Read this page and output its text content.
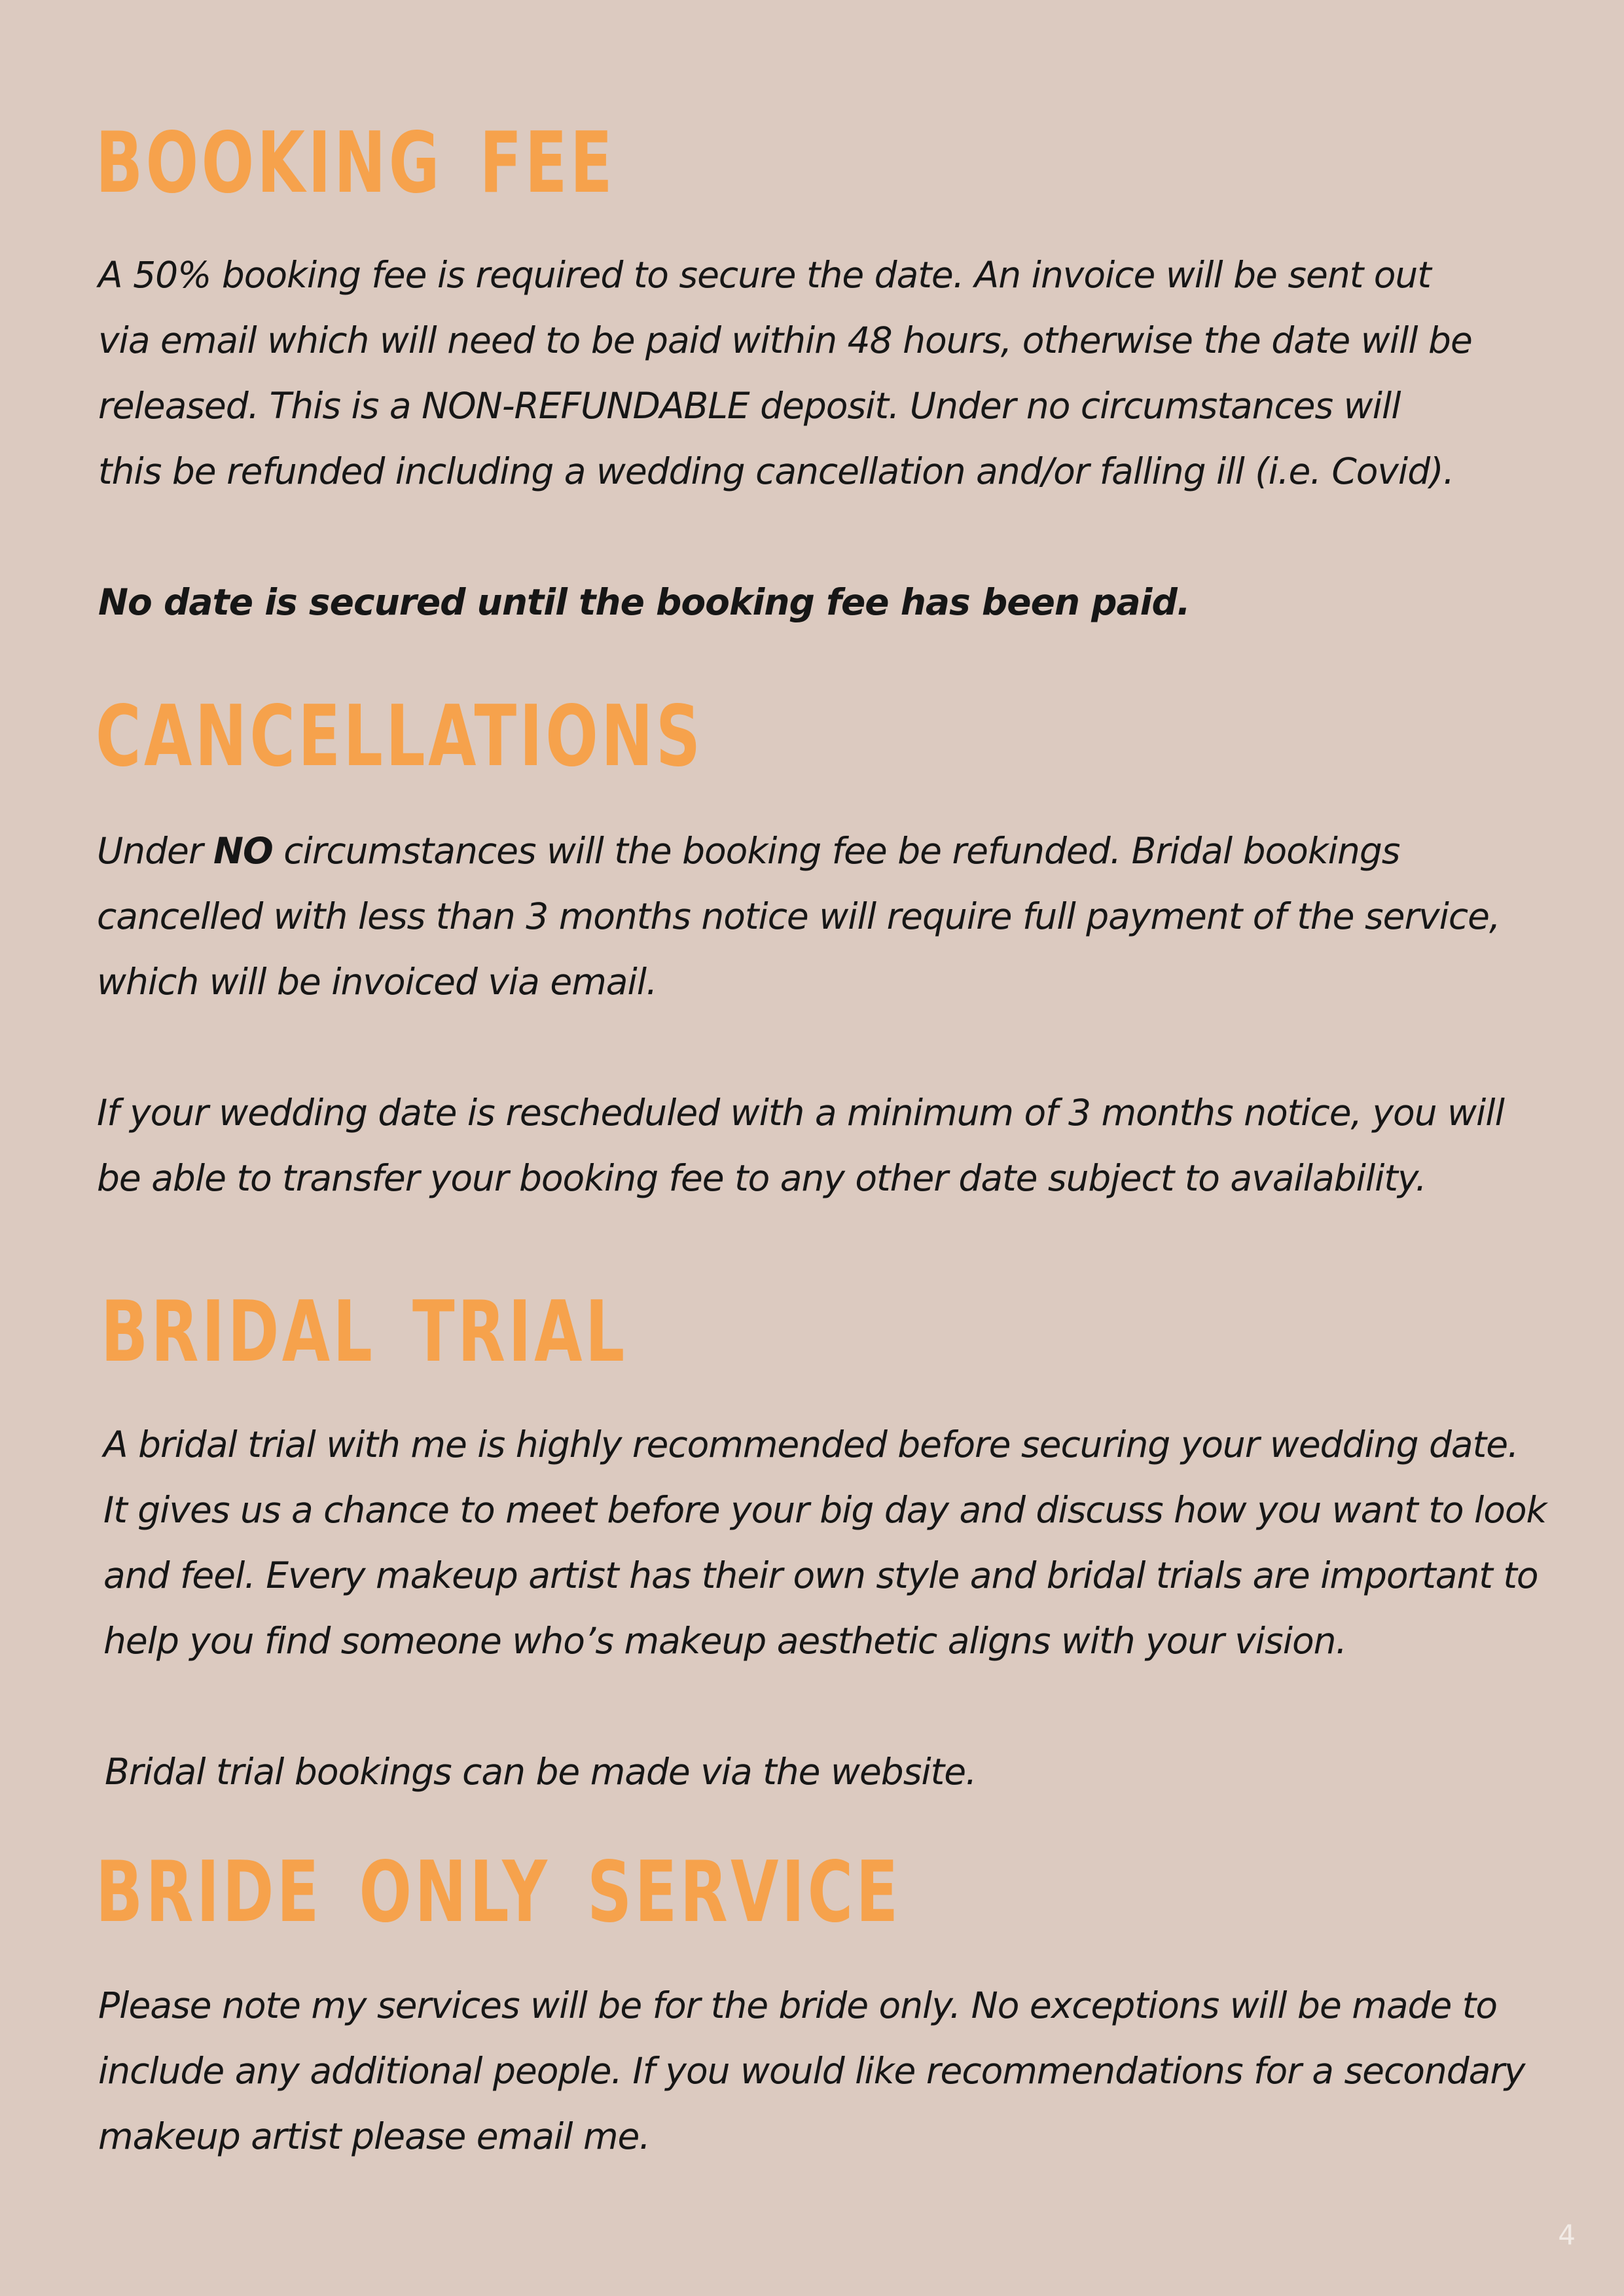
BOOKING FEE

A 50% booking fee is required to secure the date. An invoice will be sent out
via email which will need to be paid within 48 hours, otherwise the date will be
released. This is a NON-REFUNDABLE deposit. Under no circumstances will
this be refunded including a wedding cancellation and/or falling ill (i.e. Covid).

No date is secured until the booking fee has been paid.

CANCELLATIONS

Under NO circumstances will the booking fee be refunded. Bridal bookings
cancelled with less than 3 months notice will require full payment of the service,
which will be invoiced via email.

If your wedding date is rescheduled with a minimum of 3 months notice, you will
be able to transfer your booking fee to any other date subject to availability.

BRIDAL TRIAL

A bridal trial with me is highly recommended before securing your wedding date.
It gives us a chance to meet before your big day and discuss how you want to look
and feel. Every makeup artist has their own style and bridal trials are important to
help you find someone who’s makeup aesthetic aligns with your vision.

Bridal trial bookings can be made via the website.

BRIDE ONLY SERVICE

Please note my services will be for the bride only. No exceptions will be made to
include any additional people. If you would like recommendations for a secondary
makeup artist please email me.

4
